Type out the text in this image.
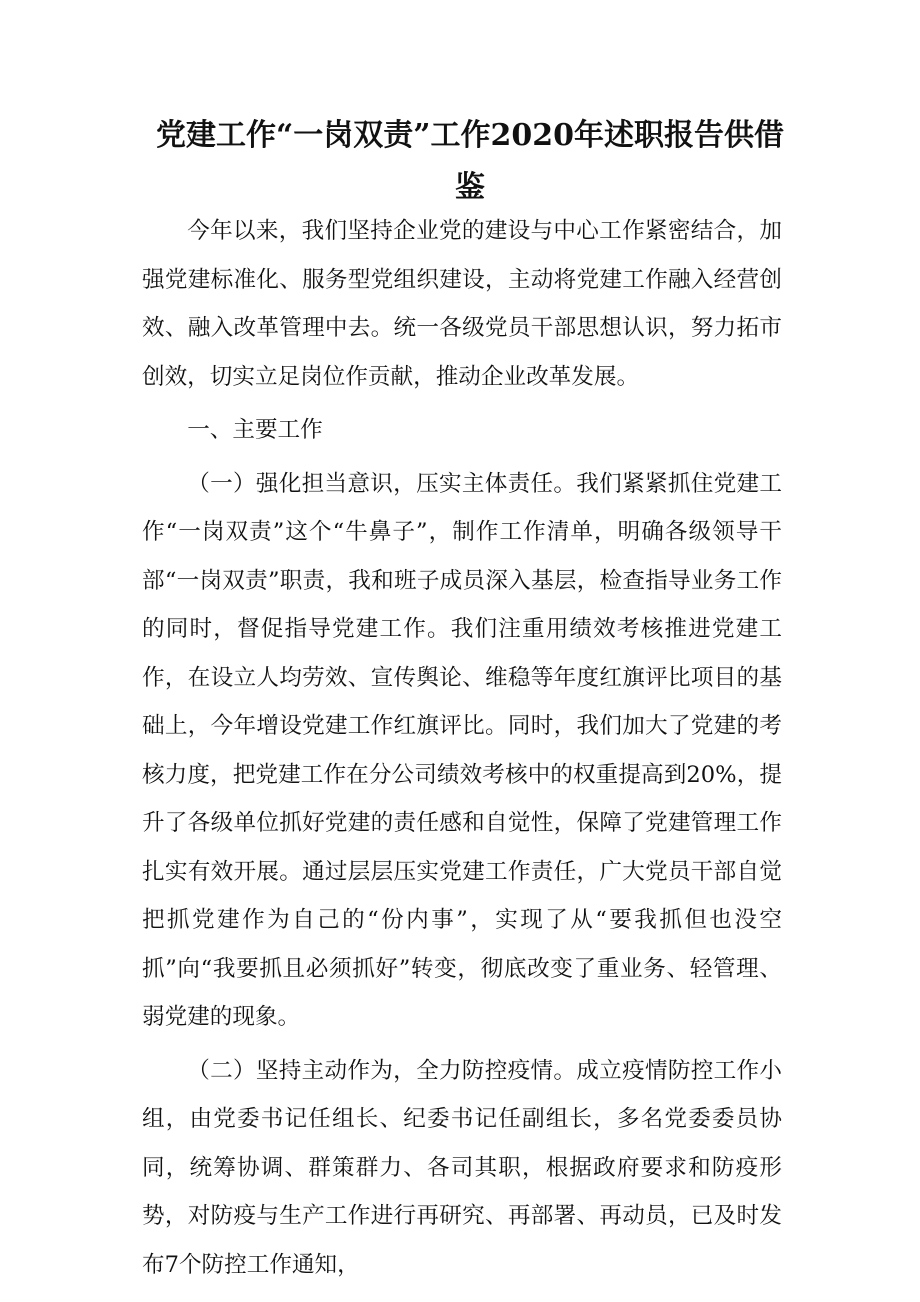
党建工作“一岗双责”工作2020年述职报告供借鉴

今年以来，我们坚持企业党的建设与中心工作紧密结合，加强党建标准化、服务型党组织建设，主动将党建工作融入经营创效、融入改革管理中去。统一各级党员干部思想认识，努力拓市创效，切实立足岗位作贡献，推动企业改革发展。

一、主要工作

（一）强化担当意识，压实主体责任。我们紧紧抓住党建工作“一岗双责”这个“牛鼻子”，制作工作清单，明确各级领导干部“一岗双责”职责，我和班子成员深入基层，检查指导业务工作的同时，督促指导党建工作。我们注重用绩效考核推进党建工作，在设立人均劳效、宣传舆论、维稳等年度红旗评比项目的基础上，今年增设党建工作红旗评比。同时，我们加大了党建的考核力度，把党建工作在分公司绩效考核中的权重提高到20%，提升了各级单位抓好党建的责任感和自觉性，保障了党建管理工作扎实有效开展。通过层层压实党建工作责任，广大党员干部自觉把抓党建作为自己的“份内事”，实现了从“要我抓但也没空抓”向“我要抓且必须抓好”转变，彻底改变了重业务、轻管理、弱党建的现象。

（二）坚持主动作为，全力防控疫情。成立疫情防控工作小组，由党委书记任组长、纪委书记任副组长，多名党委委员协同，统筹协调、群策群力、各司其职，根据政府要求和防疫形势，对防疫与生产工作进行再研究、再部署、再动员，已及时发布7个防控工作通知，
